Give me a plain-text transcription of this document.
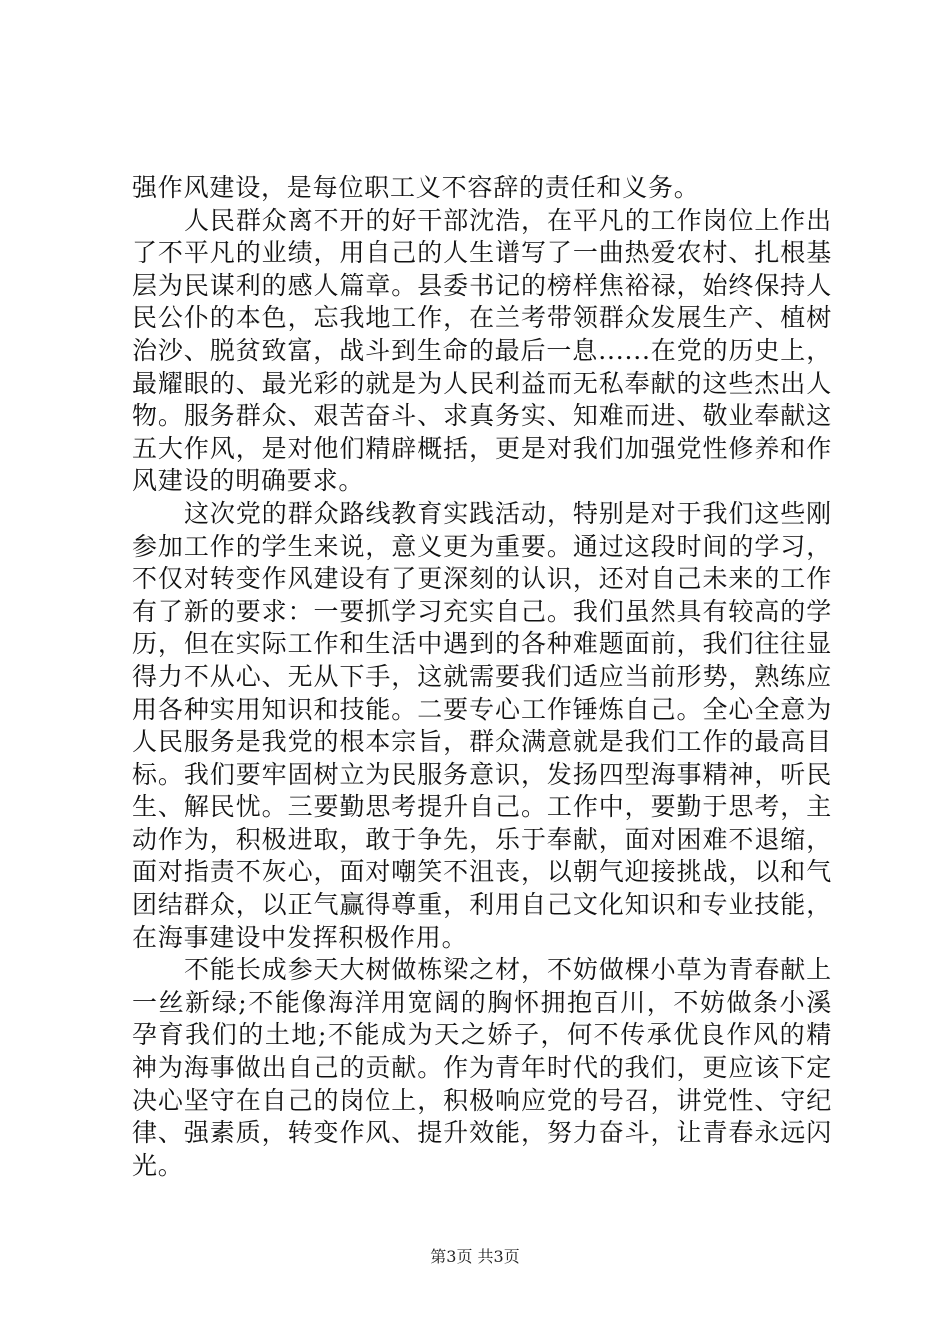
强作风建设，是每位职工义不容辞的责任和义务。

人民群众离不开的好干部沈浩，在平凡的工作岗位上作出了不平凡的业绩，用自己的人生谱写了一曲热爱农村、扎根基层为民谋利的感人篇章。县委书记的榜样焦裕禄，始终保持人民公仆的本色，忘我地工作，在兰考带领群众发展生产、植树治沙、脱贫致富，战斗到生命的最后一息......在党的历史上，最耀眼的、最光彩的就是为人民利益而无私奉献的这些杰出人物。服务群众、艰苦奋斗、求真务实、知难而进、敬业奉献这五大作风，是对他们精辟概括，更是对我们加强党性修养和作风建设的明确要求。

这次党的群众路线教育实践活动，特别是对于我们这些刚参加工作的学生来说，意义更为重要。通过这段时间的学习，不仅对转变作风建设有了更深刻的认识，还对自己未来的工作有了新的要求：一要抓学习充实自己。我们虽然具有较高的学历，但在实际工作和生活中遇到的各种难题面前，我们往往显得力不从心、无从下手，这就需要我们适应当前形势，熟练应用各种实用知识和技能。二要专心工作锤炼自己。全心全意为人民服务是我党的根本宗旨，群众满意就是我们工作的最高目标。我们要牢固树立为民服务意识，发扬四型海事精神，听民生、解民忧。三要勤思考提升自己。工作中，要勤于思考，主动作为，积极进取，敢于争先，乐于奉献，面对困难不退缩，面对指责不灰心，面对嘲笑不沮丧，以朝气迎接挑战，以和气团结群众，以正气赢得尊重，利用自己文化知识和专业技能，在海事建设中发挥积极作用。

不能长成参天大树做栋梁之材，不妨做棵小草为青春献上一丝新绿;不能像海洋用宽阔的胸怀拥抱百川，不妨做条小溪孕育我们的土地;不能成为天之娇子，何不传承优良作风的精神为海事做出自己的贡献。作为青年时代的我们，更应该下定决心坚守在自己的岗位上，积极响应党的号召，讲党性、守纪律、强素质，转变作风、提升效能，努力奋斗，让青春永远闪光。

第3页 共3页
